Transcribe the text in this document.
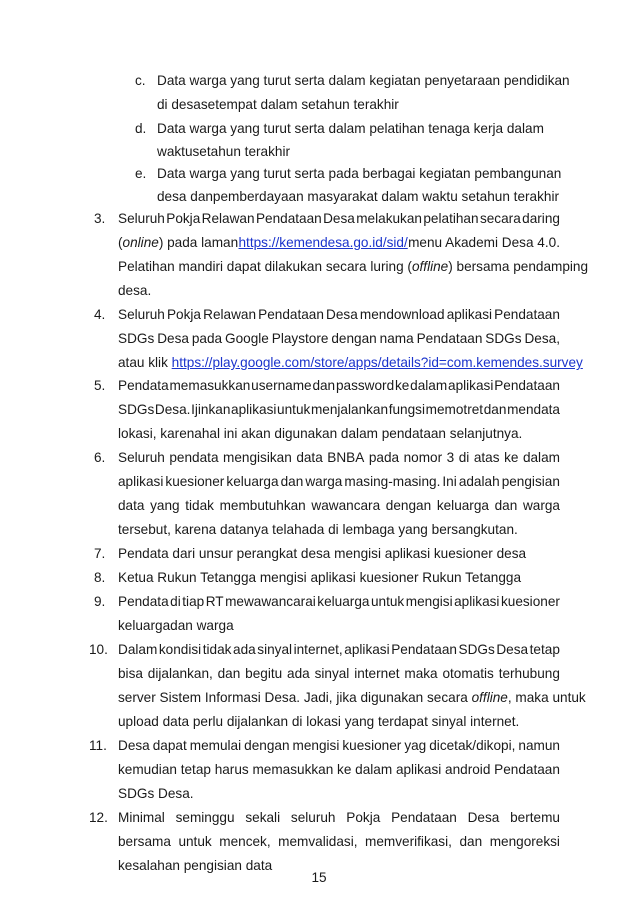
c. Data warga yang turut serta dalam kegiatan penyetaraan pendidikan
di desasetempat dalam setahun terakhir
d. Data warga yang turut serta dalam pelatihan tenaga kerja dalam
waktusetahun terakhir
e. Data warga yang turut serta pada berbagai kegiatan pembangunan
desa danpemberdayaan masyarakat dalam waktu setahun terakhir
3. Seluruh Pokja Relawan Pendataan Desa melakukan pelatihan secara daring
(online) pada laman https://kemendesa.go.id/sid/ menu Akademi Desa 4.0.
Pelatihan mandiri dapat dilakukan secara luring (offline) bersama pendamping
desa.
4. Seluruh Pokja Relawan Pendataan Desa mendownload aplikasi Pendataan
SDGs Desa pada Google Playstore dengan nama Pendataan SDGs Desa,
atau klik https://play.google.com/store/apps/details?id=com.kemendes.survey
5. Pendata memasukkan username dan password ke dalam aplikasi Pendataan
SDGs Desa. Ijinkan aplikasi untuk menjalankan fungsi memotret dan mendata
lokasi, karenahal ini akan digunakan dalam pendataan selanjutnya.
6. Seluruh pendata mengisikan data BNBA pada nomor 3 di atas ke dalam
aplikasi kuesioner keluarga dan warga masing-masing. Ini adalah pengisian
data yang tidak membutuhkan wawancara dengan keluarga dan warga
tersebut, karena datanya telahada di lembaga yang bersangkutan.
7. Pendata dari unsur perangkat desa mengisi aplikasi kuesioner desa
8. Ketua Rukun Tetangga mengisi aplikasi kuesioner Rukun Tetangga
9. Pendata di tiap RT mewawancarai keluarga untuk mengisi aplikasi kuesioner
keluargadan warga
10. Dalam kondisi tidak ada sinyal internet, aplikasi Pendataan SDGs Desa tetap
bisa dijalankan, dan begitu ada sinyal internet maka otomatis terhubung
server Sistem Informasi Desa. Jadi, jika digunakan secara offline, maka untuk
upload data perlu dijalankan di lokasi yang terdapat sinyal internet.
11. Desa dapat memulai dengan mengisi kuesioner yag dicetak/dikopi, namun
kemudian tetap harus memasukkan ke dalam aplikasi android Pendataan
SDGs Desa.
12. Minimal seminggu sekali seluruh Pokja Pendataan Desa bertemu
bersama untuk mencek, memvalidasi, memverifikasi, dan mengoreksi
kesalahan pengisian data
15
